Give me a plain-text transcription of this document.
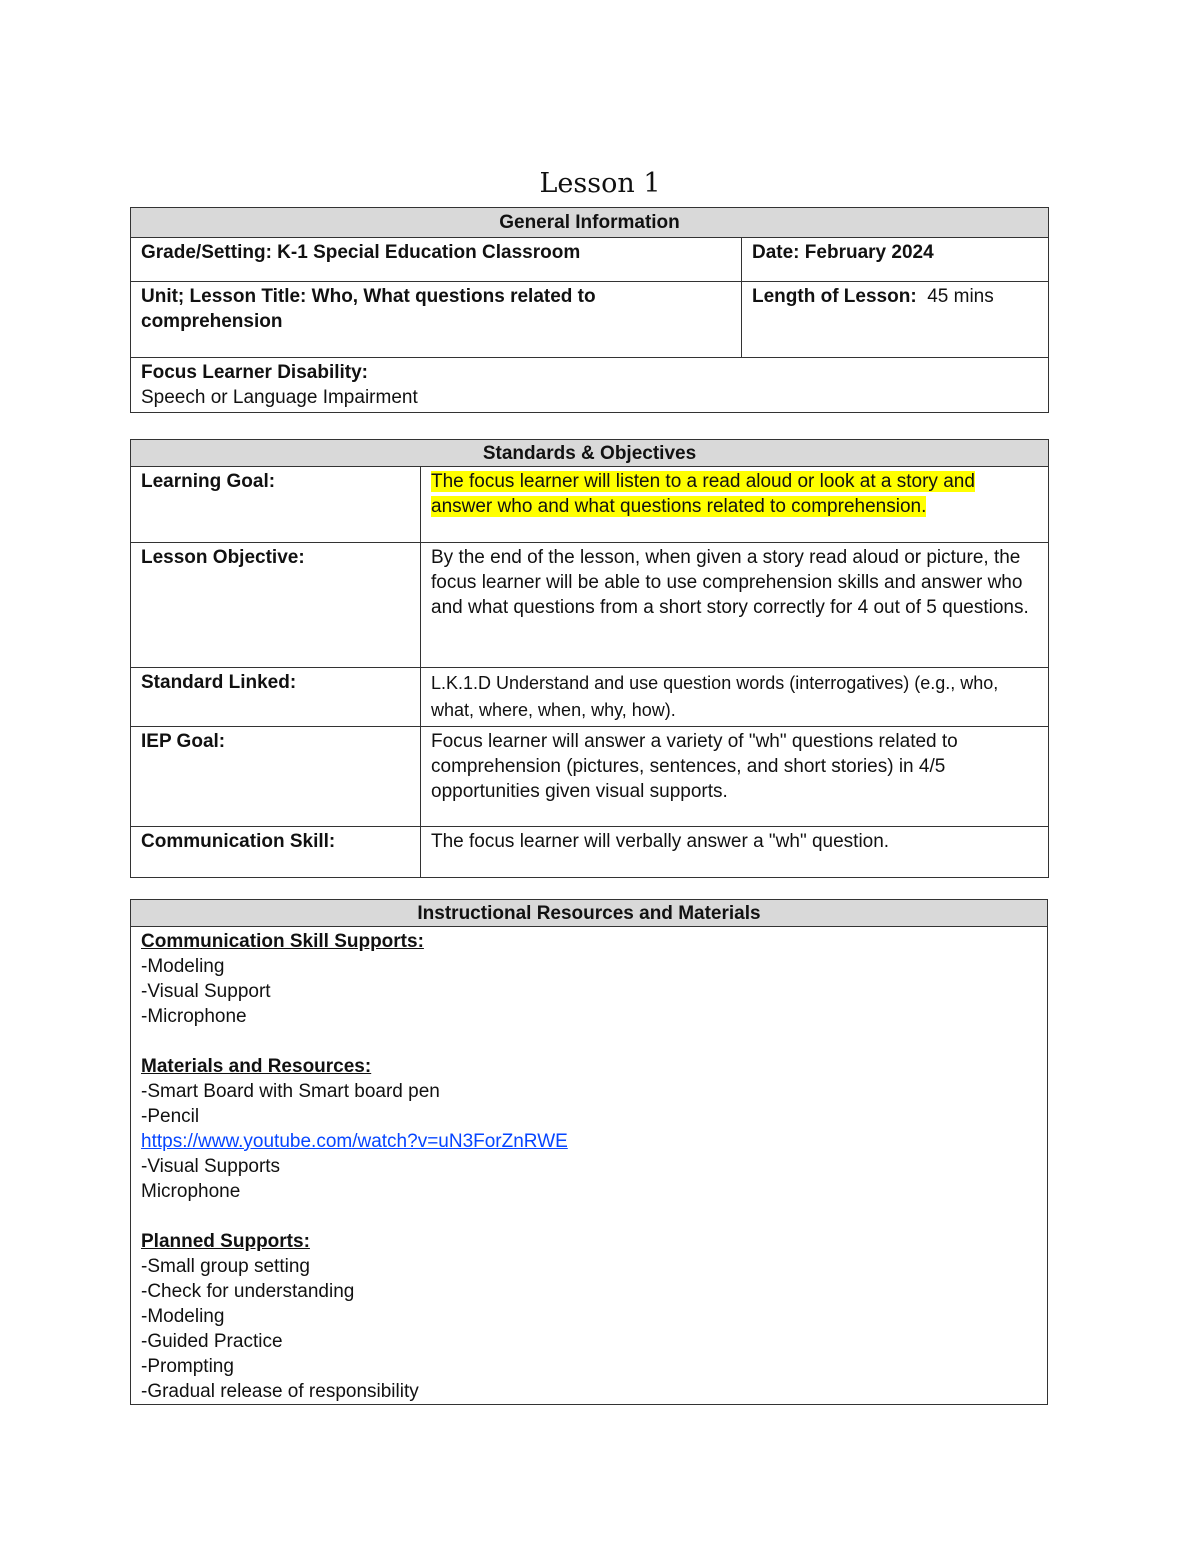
Lesson 1
General Information	
Grade/Setting: K-1 Special Education Classroom	Date: February 2024
Unit; Lesson Title: Who, What questions related to comprehension	Length of Lesson: 45 mins

Focus Learner Disability:
Speech or Language Impairment	
Standards & Objectives	
Learning Goal:	The focus learner will listen to a read aloud or look at a story and answer who and what questions related to comprehension.
Lesson Objective:	By the end of the lesson, when given a story read aloud or picture, the focus learner will be able to use comprehension skills and answer who and what questions from a short story correctly for 4 out of 5 questions.
Standard Linked:	L.K.1.D Understand and use question words (interrogatives) (e.g., who, what, where, when, why, how).
IEP Goal:	Focus learner will answer a variety of "wh" questions related to comprehension (pictures, sentences, and short stories) in 4/5 opportunities given visual supports.
Communication Skill:	The focus learner will verbally answer a "wh" question.
Instructional Resources and Materials

Communication Skill Supports:
-Modeling
-Visual Support
-Microphone
Materials and Resources:
-Smart Board with Smart board pen
-Pencil
https://www.youtube.com/watch?v=uN3ForZnRWE
-Visual Supports
Microphone
Planned Supports:
-Small group setting
-Check for understanding
-Modeling
-Guided Practice
-Prompting
-Gradual release of responsibility
